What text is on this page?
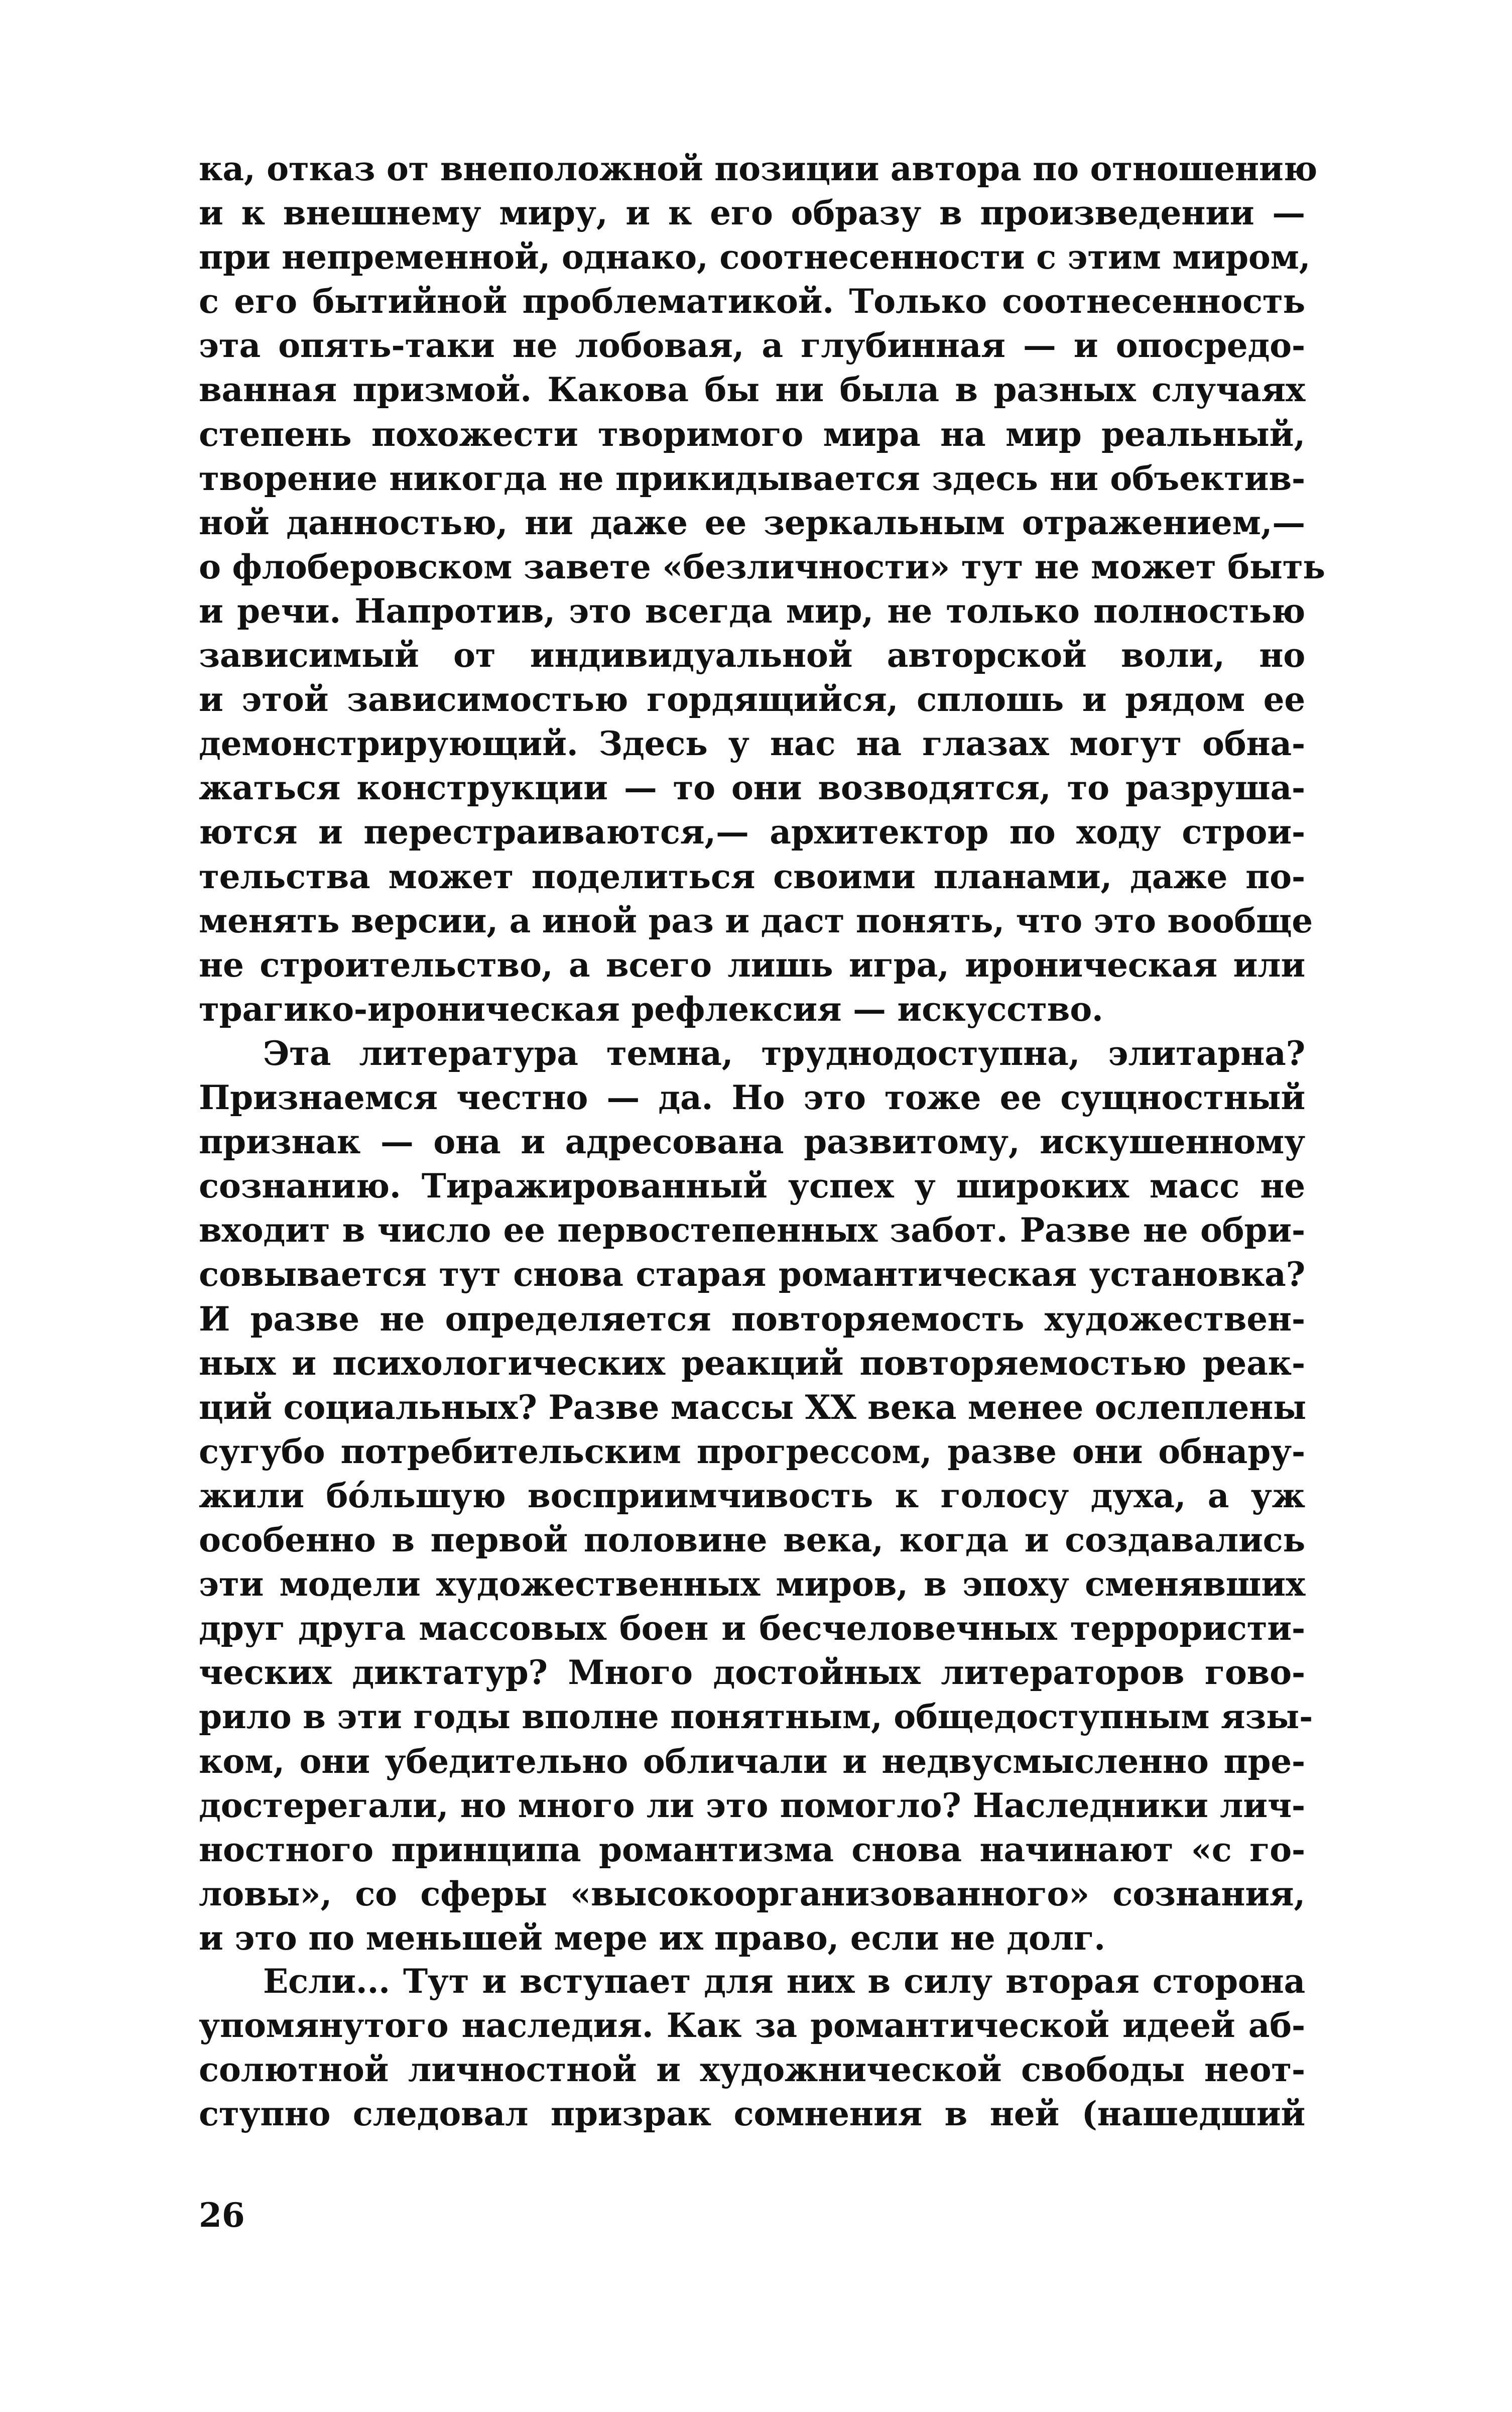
ка, отказ от внеположной позиции автора по отношению
и к внешнему миру, и к его образу в произведении —
при непременной, однако, соотнесенности с этим миром,
с его бытийной проблематикой. Только соотнесенность
эта опять-таки не лобовая, а глубинная — и опосредо-
ванная призмой. Какова бы ни была в разных случаях
степень похожести творимого мира на мир реальный,
творение никогда не прикидывается здесь ни объектив-
ной данностью, ни даже ее зеркальным отражением,—
о флоберовском завете «безличности» тут не может быть
и речи. Напротив, это всегда мир, не только полностью
зависимый от индивидуальной авторской воли, но
и этой зависимостью гордящийся, сплошь и рядом ее
демонстрирующий. Здесь у нас на глазах могут обна-
жаться конструкции — то они возводятся, то разруша-
ются и перестраиваются,— архитектор по ходу строи-
тельства может поделиться своими планами, даже по-
менять версии, а иной раз и даст понять, что это вообще
не строительство, а всего лишь игра, ироническая или
трагико-ироническая рефлексия — искусство.
Эта литература темна, труднодоступна, элитарна?
Признаемся честно — да. Но это тоже ее сущностный
признак — она и адресована развитому, искушенному
сознанию. Тиражированный успех у широких масс не
входит в число ее первостепенных забот. Разве не обри-
совывается тут снова старая романтическая установка?
И разве не определяется повторяемость художествен-
ных и психологических реакций повторяемостью реак-
ций социальных? Разве массы XX века менее ослеплены
сугубо потребительским прогрессом, разве они обнару-
жили бо́льшую восприимчивость к голосу духа, а уж
особенно в первой половине века, когда и создавались
эти модели художественных миров, в эпоху сменявших
друг друга массовых боен и бесчеловечных террористи-
ческих диктатур? Много достойных литераторов гово-
рило в эти годы вполне понятным, общедоступным язы-
ком, они убедительно обличали и недвусмысленно пре-
достерегали, но много ли это помогло? Наследники лич-
ностного принципа романтизма снова начинают «с го-
ловы», со сферы «высокоорганизованного» сознания,
и это по меньшей мере их право, если не долг.
Если... Тут и вступает для них в силу вторая сторона
упомянутого наследия. Как за романтической идеей аб-
солютной личностной и художнической свободы неот-
ступно следовал призрак сомнения в ней (нашедший
26
